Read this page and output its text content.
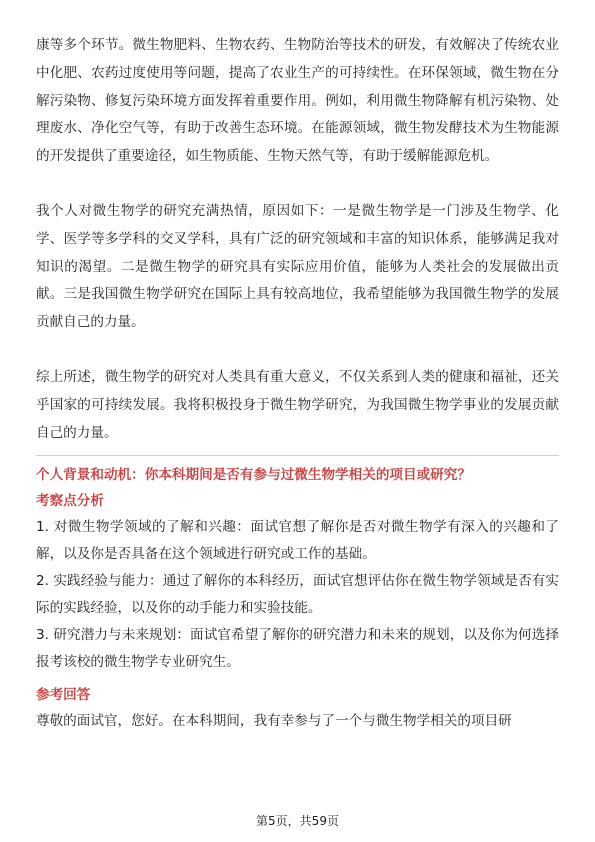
康等多个环节。微生物肥料、生物农药、生物防治等技术的研发，有效解决了传统农业中化肥、农药过度使用等问题，提高了农业生产的可持续性。在环保领域，微生物在分解污染物、修复污染环境方面发挥着重要作用。例如，利用微生物降解有机污染物、处理废水、净化空气等，有助于改善生态环境。在能源领域，微生物发酵技术为生物能源的开发提供了重要途径，如生物质能、生物天然气等，有助于缓解能源危机。

我个人对微生物学的研究充满热情，原因如下：一是微生物学是一门涉及生物学、化学、医学等多学科的交叉学科，具有广泛的研究领域和丰富的知识体系，能够满足我对知识的渴望。二是微生物学的研究具有实际应用价值，能够为人类社会的发展做出贡献。三是我国微生物学研究在国际上具有较高地位，我希望能够为我国微生物学的发展贡献自己的力量。

综上所述，微生物学的研究对人类具有重大意义，不仅关系到人类的健康和福祉，还关乎国家的可持续发展。我将积极投身于微生物学研究，为我国微生物学事业的发展贡献自己的力量。

个人背景和动机：你本科期间是否有参与过微生物学相关的项目或研究？

考察点分析

1. 对微生物学领域的了解和兴趣：面试官想了解你是否对微生物学有深入的兴趣和了解，以及你是否具备在这个领域进行研究或工作的基础。

2. 实践经验与能力：通过了解你的本科经历，面试官想评估你在微生物学领域是否有实际的实践经验，以及你的动手能力和实验技能。

3. 研究潜力与未来规划：面试官希望了解你的研究潜力和未来的规划，以及你为何选择报考该校的微生物学专业研究生。

参考回答

尊敬的面试官，您好。在本科期间，我有幸参与了一个与微生物学相关的项目研

第5页，共59页
